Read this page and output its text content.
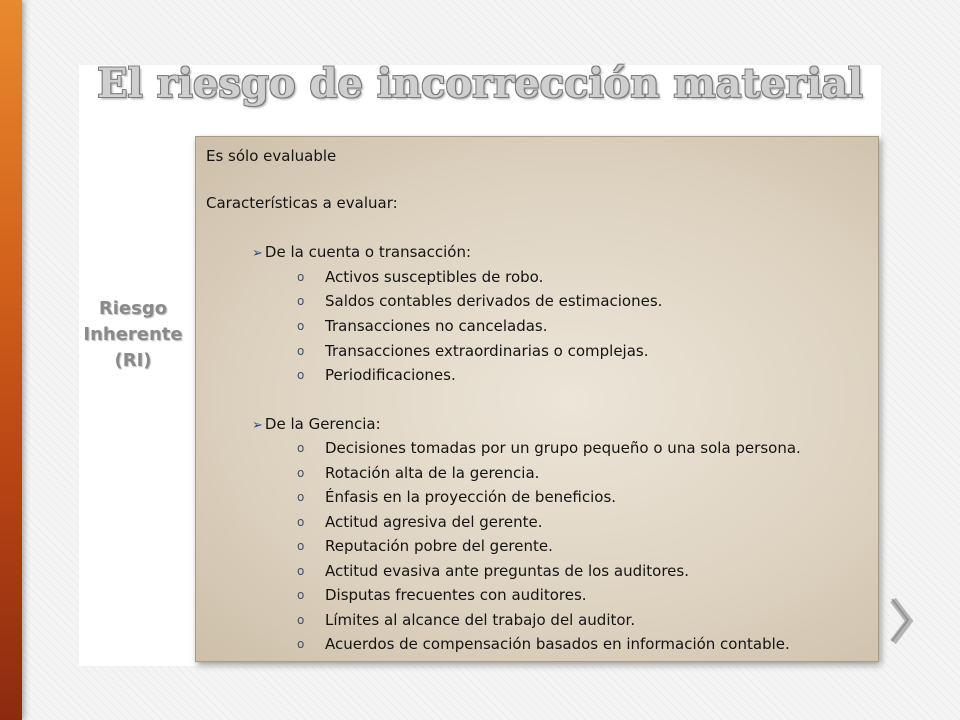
El riesgo de incorrección material
Riesgo
Inherente
(RI)
Es sólo evaluable
Características a evaluar:
➢ De la cuenta o transacción:
o Activos susceptibles de robo.
o Saldos contables derivados de estimaciones.
o Transacciones no canceladas.
o Transacciones extraordinarias o complejas.
o Periodificaciones.
➢ De la Gerencia:
o Decisiones tomadas por un grupo pequeño o una sola persona.
o Rotación alta de la gerencia.
o Énfasis en la proyección de beneficios.
o Actitud agresiva del gerente.
o Reputación pobre del gerente.
o Actitud evasiva ante preguntas de los auditores.
o Disputas frecuentes con auditores.
o Límites al alcance del trabajo del auditor.
o Acuerdos de compensación basados en información contable.
